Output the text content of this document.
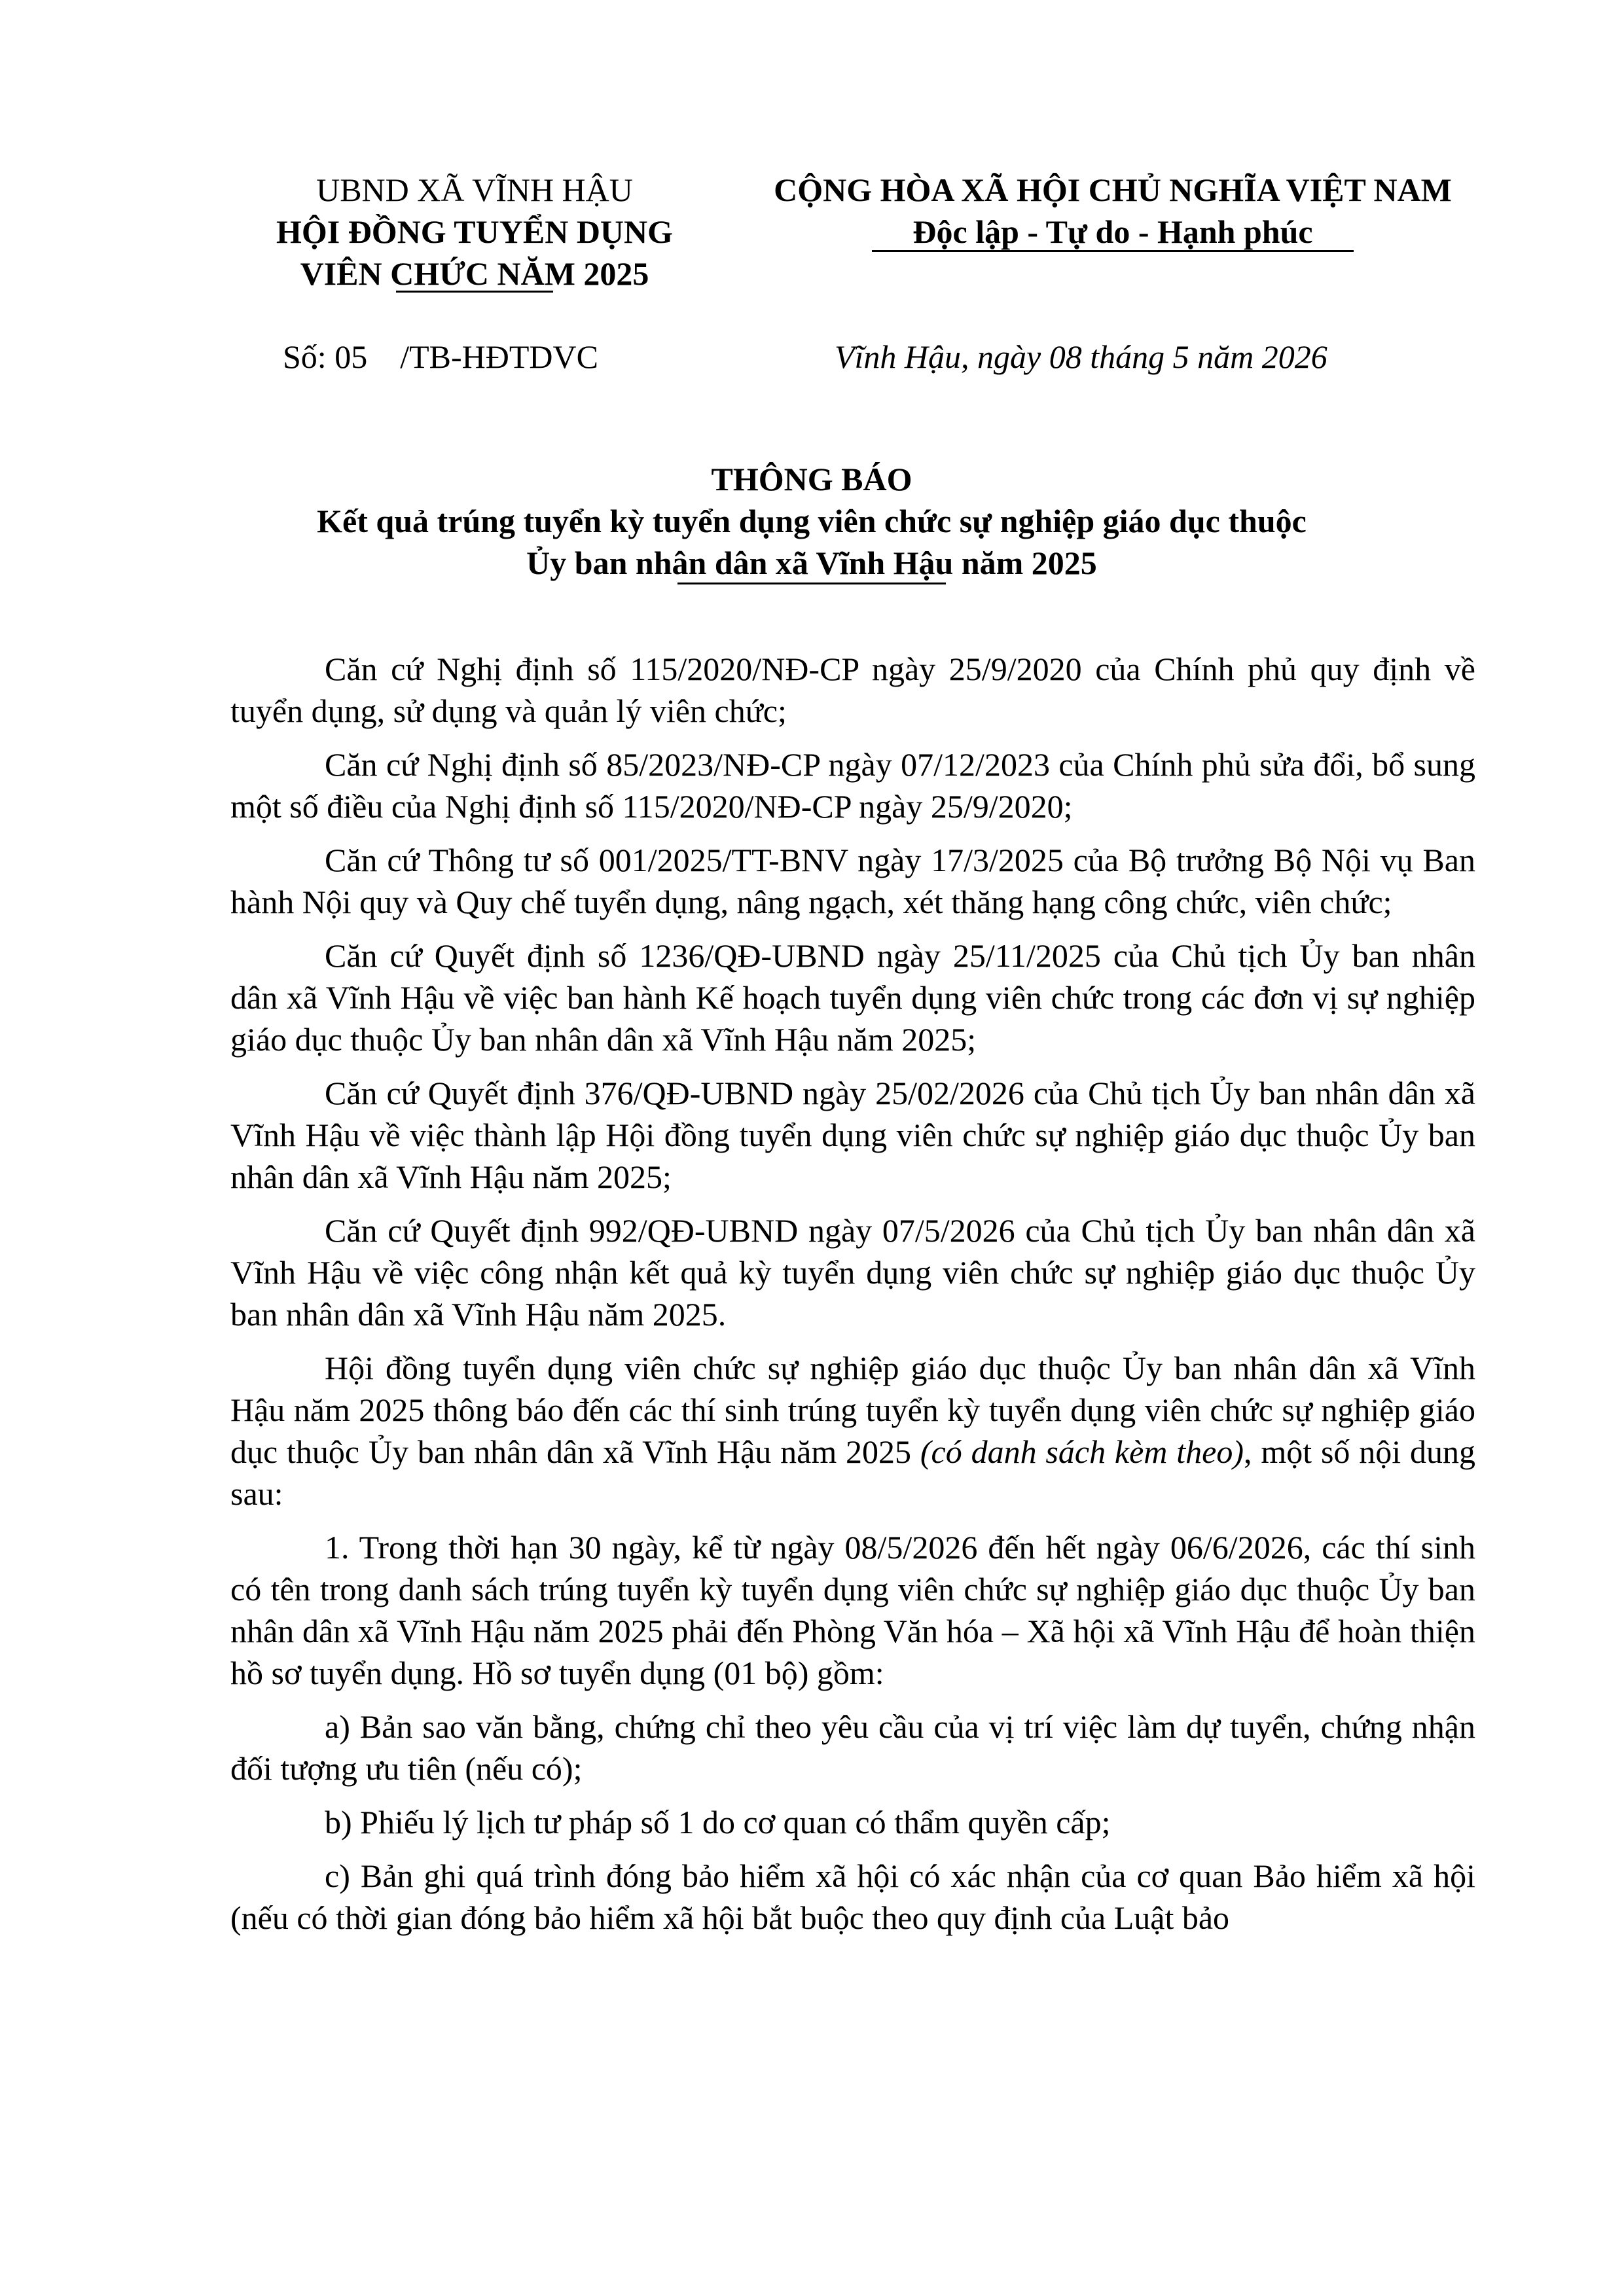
UBND XÃ VĨNH HẬU
HỘI ĐỒNG TUYỂN DỤNG
VIÊN CHỨC NĂM 2025
CỘNG HÒA XÃ HỘI CHỦ NGHĨA VIỆT NAM
Độc lập - Tự do - Hạnh phúc
Số: 05    /TB-HĐTDVC	Vĩnh Hậu, ngày 08 tháng 5 năm 2026
THÔNG BÁO
Kết quả trúng tuyển kỳ tuyển dụng viên chức sự nghiệp giáo dục thuộc
Ủy ban nhân dân xã Vĩnh Hậu năm 2025

Căn cứ Nghị định số 115/2020/NĐ-CP ngày 25/9/2020 của Chính phủ quy định về tuyển dụng, sử dụng và quản lý viên chức;

Căn cứ Nghị định số 85/2023/NĐ-CP ngày 07/12/2023 của Chính phủ sửa đổi, bổ sung một số điều của Nghị định số 115/2020/NĐ-CP ngày 25/9/2020;

Căn cứ Thông tư số 001/2025/TT-BNV ngày 17/3/2025 của Bộ trưởng Bộ Nội vụ Ban hành Nội quy và Quy chế tuyển dụng, nâng ngạch, xét thăng hạng công chức, viên chức;

Căn cứ Quyết định số 1236/QĐ-UBND ngày 25/11/2025 của Chủ tịch Ủy ban nhân dân xã Vĩnh Hậu về việc ban hành Kế hoạch tuyển dụng viên chức trong các đơn vị sự nghiệp giáo dục thuộc Ủy ban nhân dân xã Vĩnh Hậu năm 2025;

Căn cứ Quyết định 376/QĐ-UBND ngày 25/02/2026 của Chủ tịch Ủy ban nhân dân xã Vĩnh Hậu về việc thành lập Hội đồng tuyển dụng viên chức sự nghiệp giáo dục thuộc Ủy ban nhân dân xã Vĩnh Hậu năm 2025;

Căn cứ Quyết định 992/QĐ-UBND ngày 07/5/2026 của Chủ tịch Ủy ban nhân dân xã Vĩnh Hậu về việc công nhận kết quả kỳ tuyển dụng viên chức sự nghiệp giáo dục thuộc Ủy ban nhân dân xã Vĩnh Hậu năm 2025.

Hội đồng tuyển dụng viên chức sự nghiệp giáo dục thuộc Ủy ban nhân dân xã Vĩnh Hậu năm 2025 thông báo đến các thí sinh trúng tuyển kỳ tuyển dụng viên chức sự nghiệp giáo dục thuộc Ủy ban nhân dân xã Vĩnh Hậu năm 2025 (có danh sách kèm theo), một số nội dung sau:

1. Trong thời hạn 30 ngày, kể từ ngày 08/5/2026 đến hết ngày 06/6/2026, các thí sinh có tên trong danh sách trúng tuyển kỳ tuyển dụng viên chức sự nghiệp giáo dục thuộc Ủy ban nhân dân xã Vĩnh Hậu năm 2025 phải đến Phòng Văn hóa – Xã hội xã Vĩnh Hậu để hoàn thiện hồ sơ tuyển dụng. Hồ sơ tuyển dụng (01 bộ) gồm:

a) Bản sao văn bằng, chứng chỉ theo yêu cầu của vị trí việc làm dự tuyển, chứng nhận đối tượng ưu tiên (nếu có);

b) Phiếu lý lịch tư pháp số 1 do cơ quan có thẩm quyền cấp;

c) Bản ghi quá trình đóng bảo hiểm xã hội có xác nhận của cơ quan Bảo hiểm xã hội (nếu có thời gian đóng bảo hiểm xã hội bắt buộc theo quy định của Luật bảo
